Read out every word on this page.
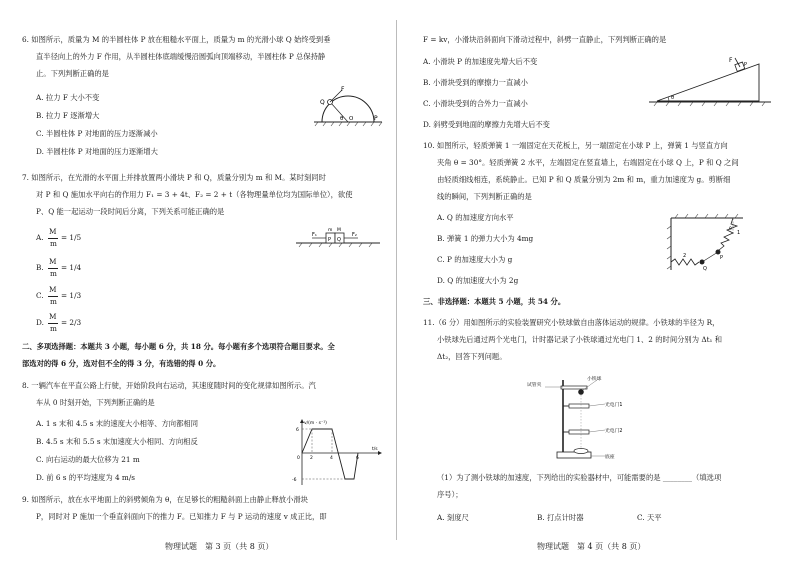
6. 如图所示，质量为 M 的半圆柱体 P 放在粗糙水平面上，质量为 m 的光滑小球 Q 始终受到垂
直半径向上的外力 F 作用，从半圆柱体底端缓慢沿圆弧向顶端移动，半圆柱体 P 总保持静
止。下列判断正确的是
A. 拉力 F 大小不变
B. 拉力 F 逐渐增大
C. 半圆柱体 P 对地面的压力逐渐减小
D. 半圆柱体 P 对地面的压力逐渐增大
F
Q
θ O	P
7. 如图所示，在光滑的水平面上并排放置两小滑块 P 和 Q，质量分别为 m 和 M。某时刻同时
对 P 和 Q 施加水平向右的作用力 F₁ = 3 + 4t、F₂ = 2 + t（各物理量单位均为国际单位），欲使
P、Q 能一起运动一段时间后分离，下列关系可能正确的是
A.
M
m
= 1/5
B.
M
m
= 1/4
C.
M
m
= 1/3
D.
M
m
= 2/3
F₁	F₂
m M
P Q
二、多项选择题：本题共 3 小题，每小题 6 分，共 18 分。每小题有多个选项符合题目要求。全
部选对的得 6 分，选对但不全的得 3 分，有选错的得 0 分。
8. 一辆汽车在平直公路上行驶，开始阶段向右运动，其速度随时间的变化规律如图所示。汽
车从 0 时刻开始，下列判断正确的是
A. 1 s 末和 4.5 s 末的速度大小相等、方向都相同
B. 4.5 s 末和 5.5 s 末加速度大小相同、方向相反
C. 向右运动的最大位移为 21 m
D. 前 6 s 的平均速度为 4 m/s
v/(m · s⁻¹)
t/s
6
-6
0 2	4	6
9. 如图所示，放在水平地面上的斜劈倾角为 θ，在足够长的粗糙斜面上由静止释放小滑块
P，同时对 P 施加一个垂直斜面向下的推力 F。已知推力 F 与 P 运动的速度 v 成正比，即
物理试题　第 3 页（共 8 页）
F = kv，小滑块沿斜面向下滑动过程中，斜劈一直静止，下列判断正确的是
A. 小滑块 P 的加速度先增大后不变
B. 小滑块受到的摩擦力一直减小
C. 小滑块受到的合外力一直减小
D. 斜劈受到地面的摩擦力先增大后不变
F
P
θ
10. 如图所示，轻质弹簧 1 一端固定在天花板上，另一端固定在小球 P 上，弹簧 1 与竖直方向
夹角 θ = 30°。轻质弹簧 2 水平，左端固定在竖直墙上，右端固定在小球 Q 上，P 和 Q 之间
由轻质细线相连，系统静止。已知 P 和 Q 质量分别为 2m 和 m，重力加速度为 g。剪断细
线的瞬间，下列判断正确的是
A. Q 的加速度方向水平
B. 弹簧 1 的弹力大小为 4mg
C. P 的加速度大小为 g
D. Q 的加速度大小为 2g
1
2
θ
P
Q
三、非选择题：本题共 5 小题，共 54 分。
11.（6 分）用如图所示的实验装置研究小铁球做自由落体运动的规律。小铁球的半径为 R，
小铁球先后通过两个光电门，计时器记录了小铁球通过光电门 1、2 的时间分别为 Δt₁ 和
Δt₂，回答下列问题。
小铁球
试管夹
光电门1
光电门2
底座
（1）为了测小铁球的加速度，下列给出的实验器材中，可能需要的是 ________（填选项
序号）；
A. 刻度尺	B. 打点计时器	C. 天平
物理试题　第 4 页（共 8 页）
